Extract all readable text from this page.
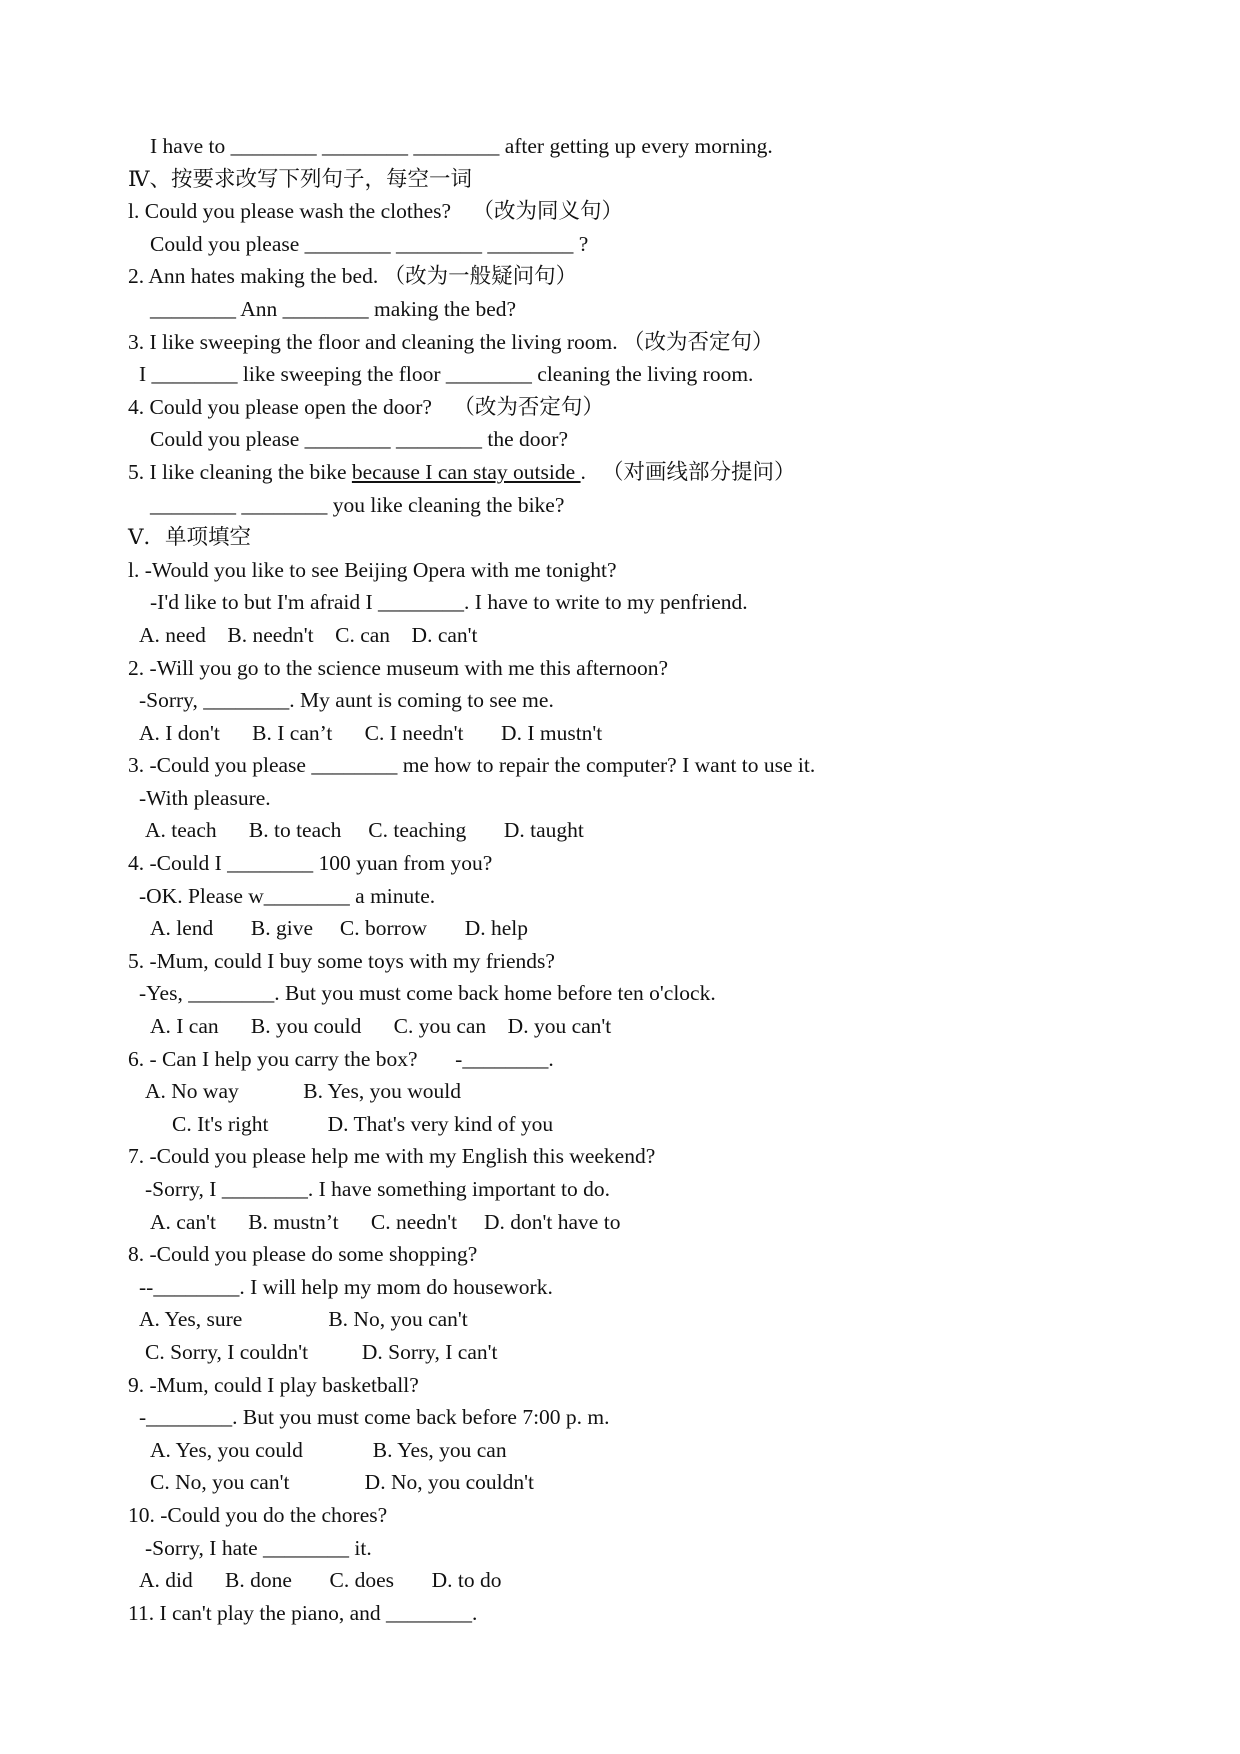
I have to ________ ________ ________ after getting up every morning.
Ⅳ、按要求改写下列句子，每空一词
l. Could you please wash the clothes?    （改为同义句）
Could you please ________ ________ ________ ?
2. Ann hates making the bed. （改为一般疑问句）
________ Ann ________ making the bed?
3. I like sweeping the floor and cleaning the living room. （改为否定句）
I ________ like sweeping the floor ________ cleaning the living room.
4. Could you please open the door?    （改为否定句）
Could you please ________ ________ the door?
5. I like cleaning the bike because I can stay outside .   （对画线部分提问）
________ ________ you like cleaning the bike?
Ⅴ．单项填空
l. -Would you like to see Beijing Opera with me tonight?
-I'd like to but I'm afraid I ________. I have to write to my penfriend.
A. need    B. needn't    C. can    D. can't
2. -Will you go to the science museum with me this afternoon?
-Sorry, ________. My aunt is coming to see me.
A. I don't      B. I can’t      C. I needn't       D. I mustn't
3. -Could you please ________ me how to repair the computer? I want to use it.
-With pleasure.
A. teach      B. to teach     C. teaching       D. taught
4. -Could I ________ 100 yuan from you?
-OK. Please w________ a minute.
A. lend       B. give     C. borrow       D. help
5. -Mum, could I buy some toys with my friends?
-Yes, ________. But you must come back home before ten o'clock.
A. I can      B. you could      C. you can    D. you can't
6. - Can I help you carry the box?       -________.
A. No way            B. Yes, you would
C. It's right           D. That's very kind of you
7. -Could you please help me with my English this weekend?
-Sorry, I ________. I have something important to do.
A. can't      B. mustn’t      C. needn't     D. don't have to
8. -Could you please do some shopping?
--________. I will help my mom do housework.
A. Yes, sure                B. No, you can't
C. Sorry, I couldn't          D. Sorry, I can't
9. -Mum, could I play basketball?
-________. But you must come back before 7:00 p. m.
A. Yes, you could             B. Yes, you can
C. No, you can't              D. No, you couldn't
10. -Could you do the chores?
-Sorry, I hate ________ it.
A. did      B. done       C. does       D. to do
11. I can't play the piano, and ________.
